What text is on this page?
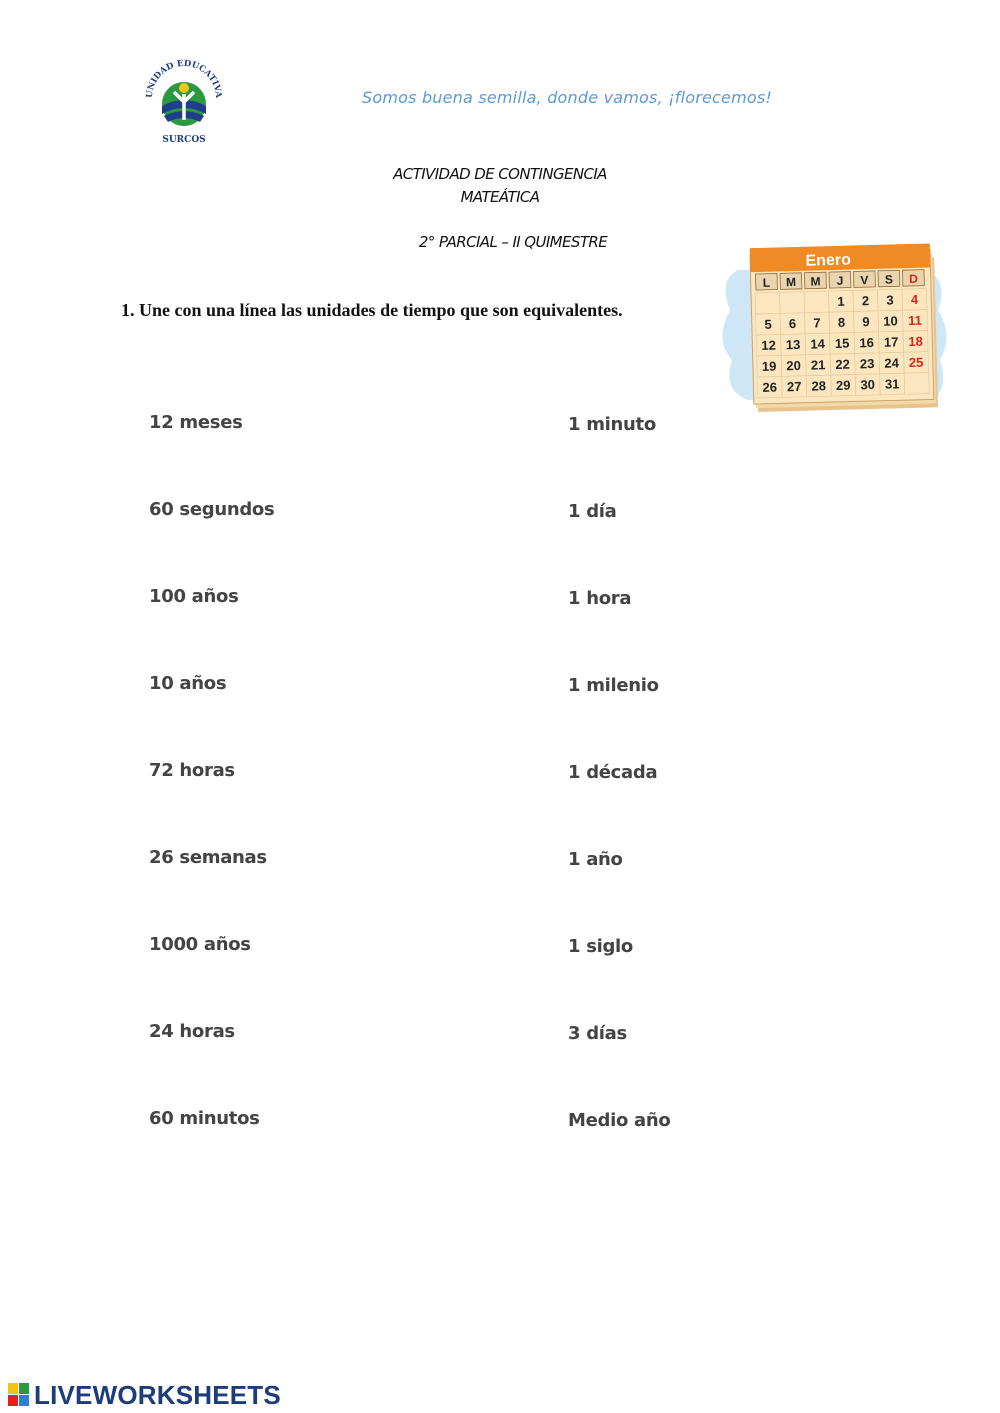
UNIDAD EDUCATIVA
SURCOS
Somos buena semilla, donde vamos, ¡florecemos!
ACTIVIDAD DE CONTINGENCIA
MATEÁTICA
2° PARCIAL – II QUIMESTRE
Enero
L M M J V S D
1 2 3 4
5 6 7 8 9 10 11
12 13 14 15 16 17 18
19 20 21 22 23 24 25
26 27 28 29 30 31
1. Une con una línea las unidades de tiempo que son equivalentes.
12 meses
60 segundos
100 años
10 años
72 horas
26 semanas
1000 años
24 horas
60 minutos
1 minuto
1 día
1 hora
1 milenio
1 década
1 año
1 siglo
3 días
Medio año
LIVEWORKSHEETS
